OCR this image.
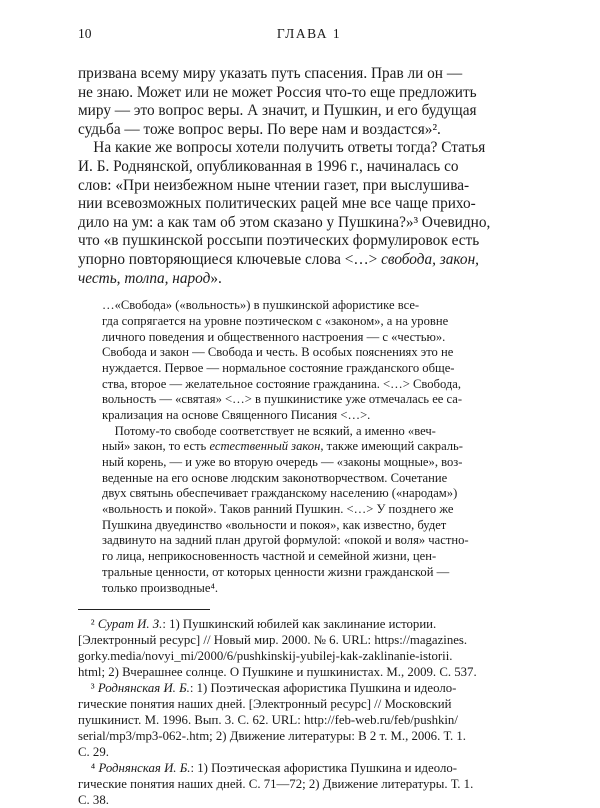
10	ГЛАВА 1
призвана всему миру указать путь спасения. Прав ли он —
не знаю. Может или не может Россия что-то еще предложить
миру — это вопрос веры. А значит, и Пушкин, и его будущая
судьба — тоже вопрос веры. По вере нам и воздастся»².
На какие же вопросы хотели получить ответы тогда? Статья
И. Б. Роднянской, опубликованная в 1996 г., начиналась со
слов: «При неизбежном ныне чтении газет, при выслушива-
нии всевозможных политических рацей мне все чаще прихо-
дило на ум: а как там об этом сказано у Пушкина?»³ Очевидно,
что «в пушкинской россыпи поэтических формулировок есть
упорно повторяющиеся ключевые слова <…> свобода, закон,
честь, толпа, народ».
…«Свобода» («вольность») в пушкинской афористике все-
гда сопрягается на уровне поэтическом с «законом», а на уровне
личного поведения и общественного настроения — с «честью».
Свобода и закон — Свобода и честь. В особых пояснениях это не
нуждается. Первое — нормальное состояние гражданского обще-
ства, второе — желательное состояние гражданина. <…> Свобода,
вольность — «святая» <…> в пушкинистике уже отмечалась ее са-
крализация на основе Священного Писания <…>.
Потому-то свободе соответствует не всякий, а именно «веч-
ный» закон, то есть естественный закон, также имеющий сакраль-
ный корень, — и уже во вторую очередь — «законы мощные», воз-
веденные на его основе людским законотворчеством. Сочетание
двух святынь обеспечивает гражданскому населению («народам»)
«вольность и покой». Таков ранний Пушкин. <…> У позднего же
Пушкина двуединство «вольности и покоя», как известно, будет
задвинуто на задний план другой формулой: «покой и воля» частно-
го лица, неприкосновенность частной и семейной жизни, цен-
тральные ценности, от которых ценности жизни гражданской —
только производные⁴.
² Сурат И. З.: 1) Пушкинский юбилей как заклинание истории.
[Электронный ресурс] // Новый мир. 2000. № 6. URL: https://magazines.
gorky.media/novyi_mi/2000/6/pushkinskij-yubilej-kak-zaklinanie-istorii.
html; 2) Вчерашнее солнце. О Пушкине и пушкинистах. М., 2009. С. 537.
³ Роднянская И. Б.: 1) Поэтическая афористика Пушкина и идеоло-
гические понятия наших дней. [Электронный ресурс] // Московский
пушкинист. М. 1996. Вып. 3. С. 62. URL: http://feb-web.ru/feb/pushkin/
serial/mp3/mp3-062-.htm; 2) Движение литературы: В 2 т. М., 2006. Т. 1.
С. 29.
⁴ Роднянская И. Б.: 1) Поэтическая афористика Пушкина и идеоло-
гические понятия наших дней. С. 71—72; 2) Движение литературы. Т. 1.
С. 38.
